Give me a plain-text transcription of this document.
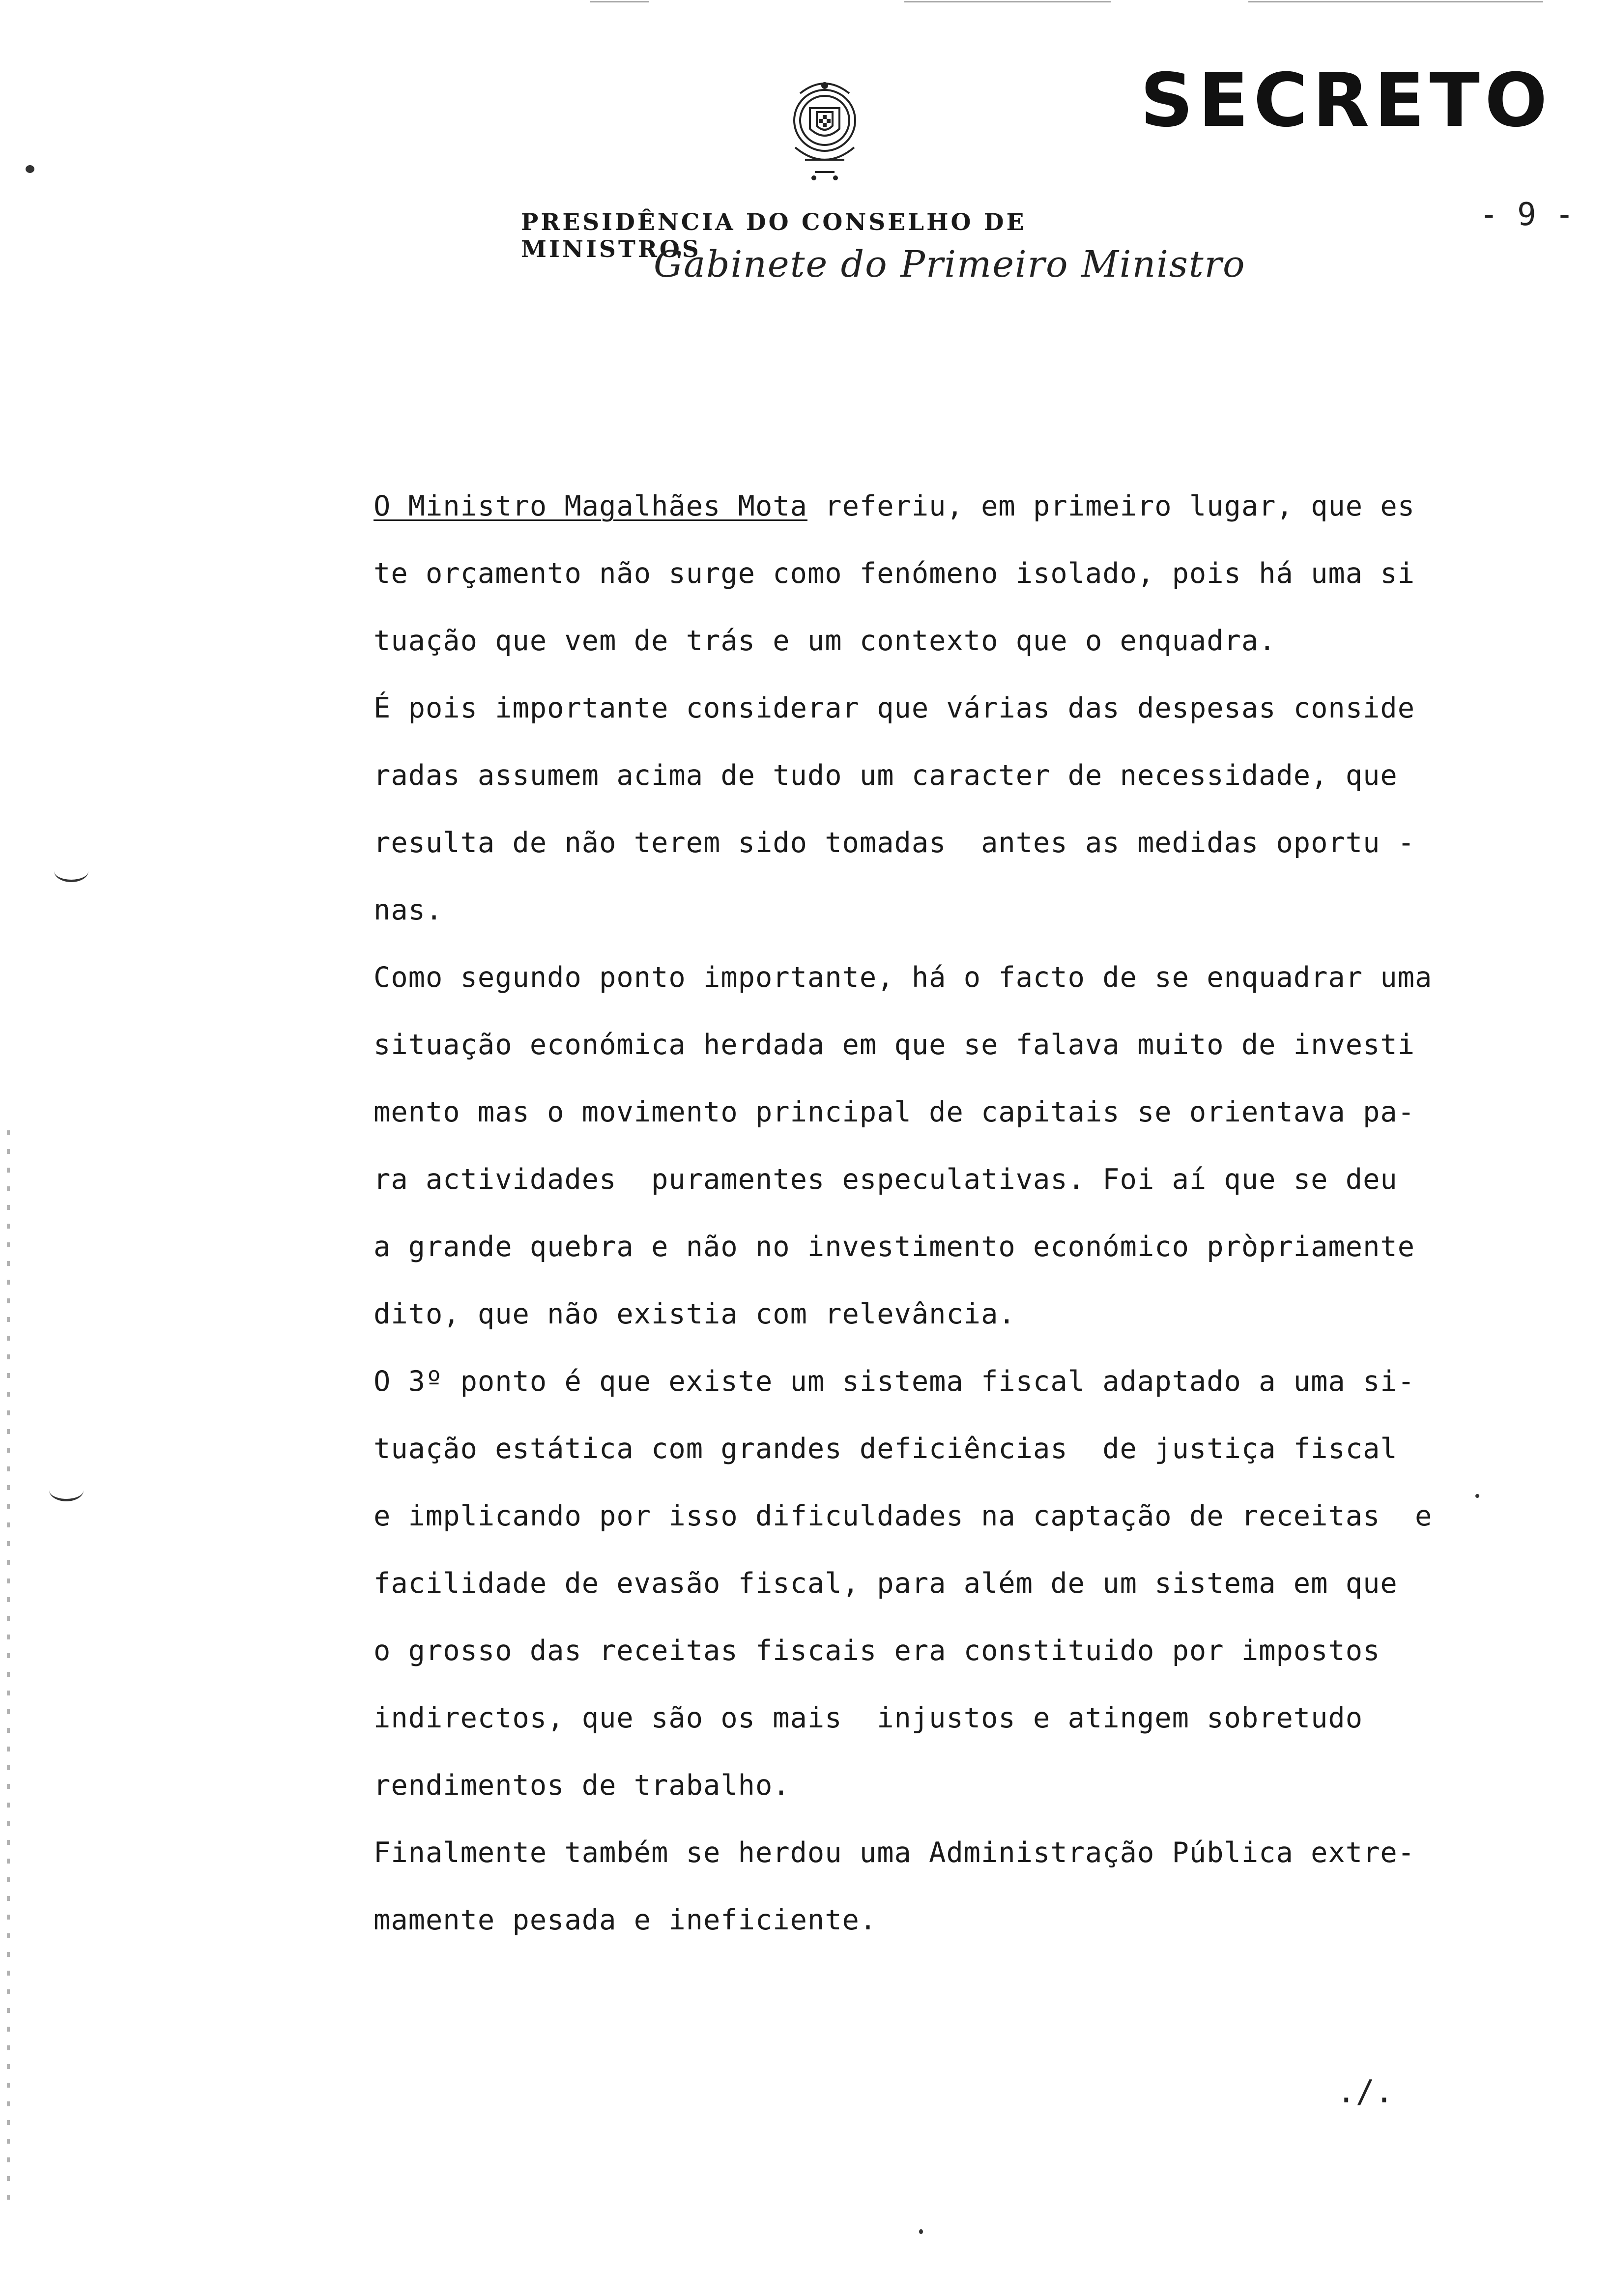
SECRETO
PRESIDÊNCIA DO CONSELHO DE MINISTROS
Gabinete do Primeiro Ministro
- 9 -
O Ministro Magalhães Mota referiu, em primeiro lugar, que es
te orçamento não surge como fenómeno isolado, pois há uma si
tuação que vem de trás e um contexto que o enquadra.
É pois importante considerar que várias das despesas conside
radas assumem acima de tudo um caracter de necessidade, que
resulta de não terem sido tomadas  antes as medidas oportu -
nas.
Como segundo ponto importante, há o facto de se enquadrar uma
situação económica herdada em que se falava muito de investi
mento mas o movimento principal de capitais se orientava pa-
ra actividades  puramentes especulativas. Foi aí que se deu
a grande quebra e não no investimento económico pròpriamente
dito, que não existia com relevância.
O 3º ponto é que existe um sistema fiscal adaptado a uma si-
tuação estática com grandes deficiências  de justiça fiscal
e implicando por isso dificuldades na captação de receitas  e
facilidade de evasão fiscal, para além de um sistema em que
o grosso das receitas fiscais era constituido por impostos
indirectos, que são os mais  injustos e atingem sobretudo
rendimentos de trabalho.
Finalmente também se herdou uma Administração Pública extre-
mamente pesada e ineficiente.
./.
